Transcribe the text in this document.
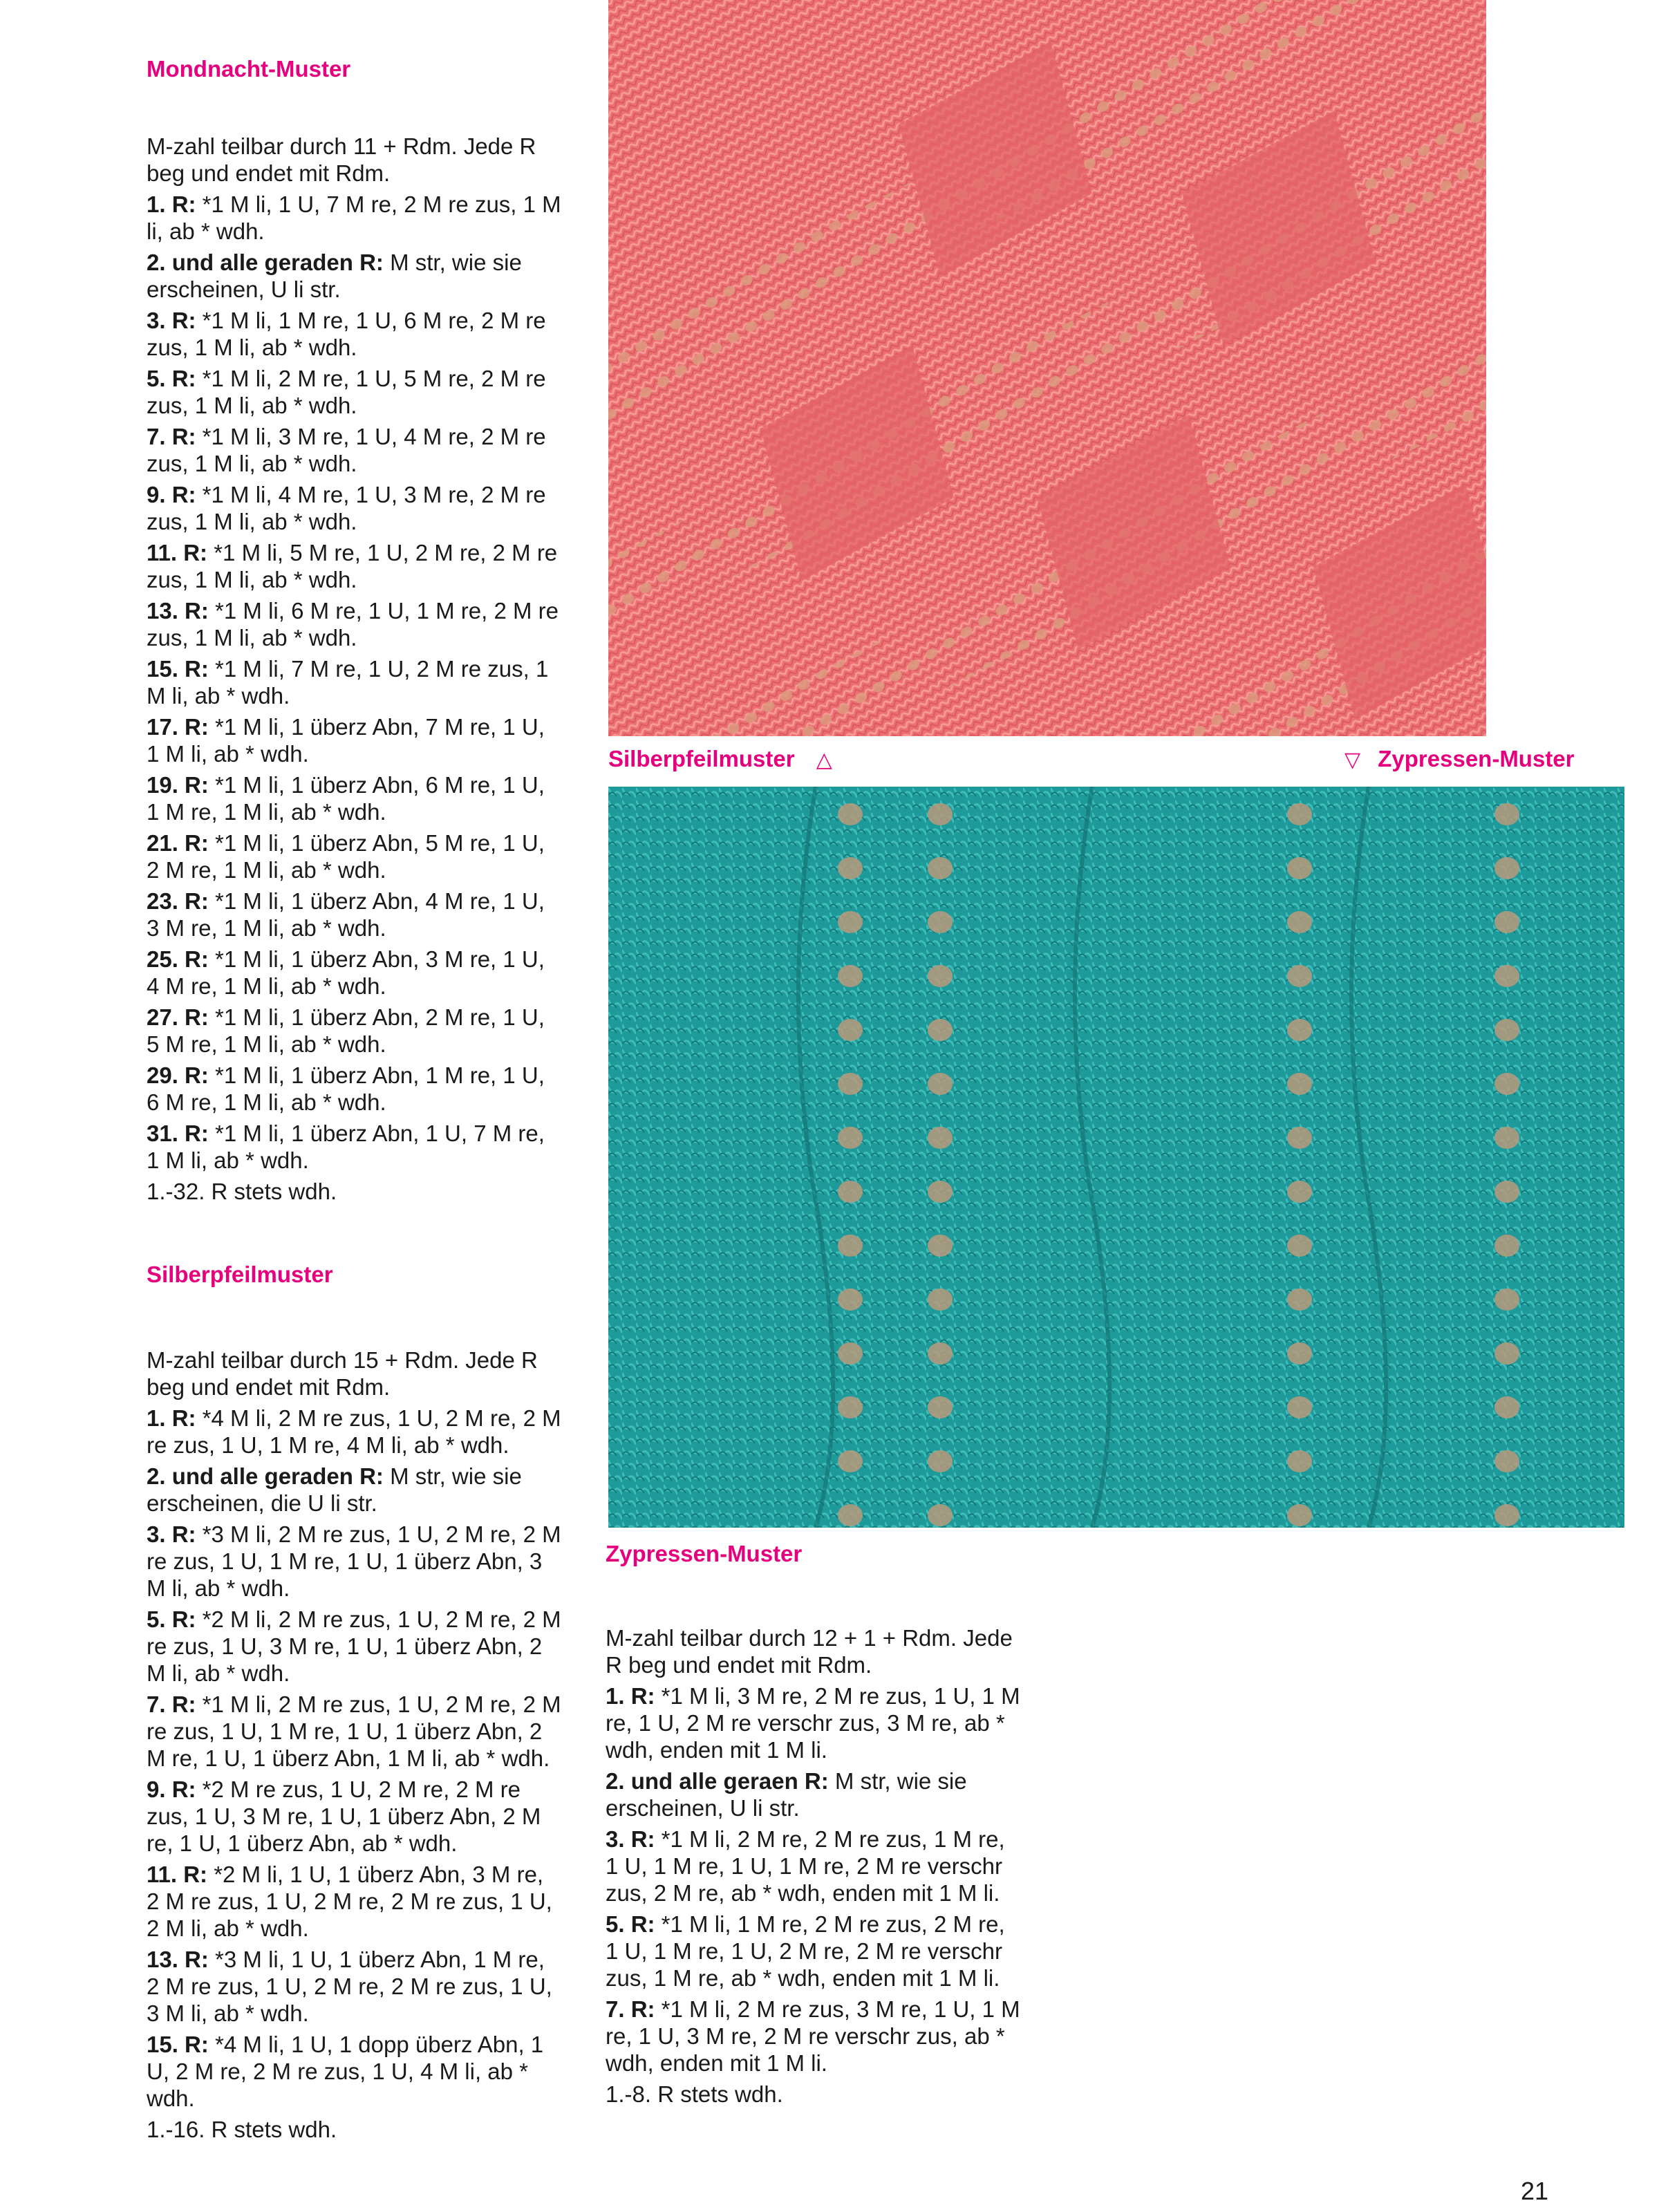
Mondnacht-Muster

M-zahl teilbar durch 11 + Rdm. Jede R beg und endet mit Rdm.

1. R: *1 M li, 1 U, 7 M re, 2 M re zus, 1 M li, ab * wdh.

2. und alle geraden R: M str, wie sie erscheinen, U li str.

3. R: *1 M li, 1 M re, 1 U, 6 M re, 2 M re zus, 1 M li, ab * wdh.

5. R: *1 M li, 2 M re, 1 U, 5 M re, 2 M re zus, 1 M li, ab * wdh.

7. R: *1 M li, 3 M re, 1 U, 4 M re, 2 M re zus, 1 M li, ab * wdh.

9. R: *1 M li, 4 M re, 1 U, 3 M re, 2 M re zus, 1 M li, ab * wdh.

11. R: *1 M li, 5 M re, 1 U, 2 M re, 2 M re zus, 1 M li, ab * wdh.

13. R: *1 M li, 6 M re, 1 U, 1 M re, 2 M re zus, 1 M li, ab * wdh.

15. R: *1 M li, 7 M re, 1 U, 2 M re zus, 1 M li, ab * wdh.

17. R: *1 M li, 1 überz Abn, 7 M re, 1 U, 1 M li, ab * wdh.

19. R: *1 M li, 1 überz Abn, 6 M re, 1 U, 1 M re, 1 M li, ab * wdh.

21. R: *1 M li, 1 überz Abn, 5 M re, 1 U, 2 M re, 1 M li, ab * wdh.

23. R: *1 M li, 1 überz Abn, 4 M re, 1 U, 3 M re, 1 M li, ab * wdh.

25. R: *1 M li, 1 überz Abn, 3 M re, 1 U, 4 M re, 1 M li, ab * wdh.

27. R: *1 M li, 1 überz Abn, 2 M re, 1 U, 5 M re, 1 M li, ab * wdh.

29. R: *1 M li, 1 überz Abn, 1 M re, 1 U, 6 M re, 1 M li, ab * wdh.

31. R: *1 M li, 1 überz Abn, 1 U, 7 M re, 1 M li, ab * wdh.

1.-32. R stets wdh.

Silberpfeilmuster

M-zahl teilbar durch 15 + Rdm. Jede R beg und endet mit Rdm.

1. R: *4 M li, 2 M re zus, 1 U, 2 M re, 2 M re zus, 1 U, 1 M re, 4 M li, ab * wdh.

2. und alle geraden R: M str, wie sie erscheinen, die U li str.

3. R: *3 M li, 2 M re zus, 1 U, 2 M re, 2 M re zus, 1 U, 1 M re, 1 U, 1 überz Abn, 3 M li, ab * wdh.

5. R: *2 M li, 2 M re zus, 1 U, 2 M re, 2 M re zus, 1 U, 3 M re, 1 U, 1 überz Abn, 2 M li, ab * wdh.

7. R: *1 M li, 2 M re zus, 1 U, 2 M re, 2 M re zus, 1 U, 1 M re, 1 U, 1 überz Abn, 2 M re, 1 U, 1 überz Abn, 1 M li, ab * wdh.

9. R: *2 M re zus, 1 U, 2 M re, 2 M re zus, 1 U, 3 M re, 1 U, 1 überz Abn, 2 M re, 1 U, 1 überz Abn, ab * wdh.

11. R: *2 M li, 1 U, 1 überz Abn, 3 M re, 2 M re zus, 1 U, 2 M re, 2 M re zus, 1 U, 2 M li, ab * wdh.

13. R: *3 M li, 1 U, 1 überz Abn, 1 M re, 2 M re zus, 1 U, 2 M re, 2 M re zus, 1 U, 3 M li, ab * wdh.

15. R: *4 M li, 1 U, 1 dopp überz Abn, 1 U, 2 M re, 2 M re zus, 1 U, 4 M li, ab * wdh.

1.-16. R stets wdh.

Silberpfeilmuster △	▽ Zypressen-Muster
Zypressen-Muster

M-zahl teilbar durch 12 + 1 + Rdm. Jede R beg und endet mit Rdm.

1. R: *1 M li, 3 M re, 2 M re zus, 1 U, 1 M re, 1 U, 2 M re verschr zus, 3 M re, ab * wdh, enden mit 1 M li.

2. und alle geraen R: M str, wie sie erscheinen, U li str.

3. R: *1 M li, 2 M re, 2 M re zus, 1 M re, 1 U, 1 M re, 1 U, 1 M re, 2 M re verschr zus, 2 M re, ab * wdh, enden mit 1 M li.

5. R: *1 M li, 1 M re, 2 M re zus, 2 M re, 1 U, 1 M re, 1 U, 2 M re, 2 M re verschr zus, 1 M re, ab * wdh, enden mit 1 M li.

7. R: *1 M li, 2 M re zus, 3 M re, 1 U, 1 M re, 1 U, 3 M re, 2 M re verschr zus, ab * wdh, enden mit 1 M li.

1.-8. R stets wdh.

21
